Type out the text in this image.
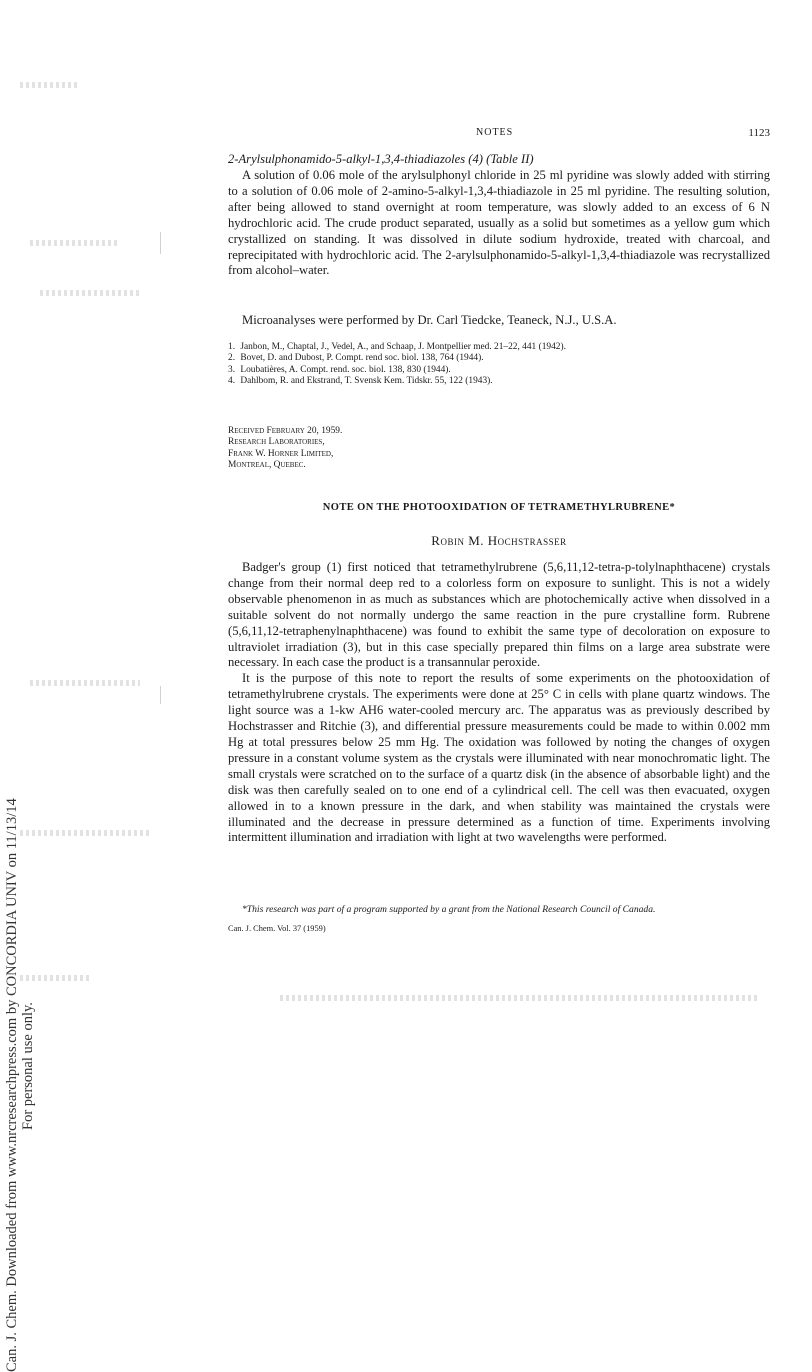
Can. J. Chem. Downloaded from www.nrcresearchpress.com by CONCORDIA UNIV on 11/13/14 For personal use only.
NOTES	1123
2-Arylsulphonamido-5-alkyl-1,3,4-thiadiazoles (4) (Table II)

A solution of 0.06 mole of the arylsulphonyl chloride in 25 ml pyridine was slowly added with stirring to a solution of 0.06 mole of 2-amino-5-alkyl-1,3,4-thiadiazole in 25 ml pyridine. The resulting solution, after being allowed to stand overnight at room temperature, was slowly added to an excess of 6 N hydrochloric acid. The crude product separated, usually as a solid but sometimes as a yellow gum which crystallized on standing. It was dissolved in dilute sodium hydroxide, treated with charcoal, and reprecipitated with hydrochloric acid. The 2-arylsulphonamido-5-alkyl-1,3,4-thiadiazole was recrystallized from alcohol–water.

Microanalyses were performed by Dr. Carl Tiedcke, Teaneck, N.J., U.S.A.

1. Janbon, M., Chaptal, J., Vedel, A., and Schaap, J. Montpellier med. 21–22, 441 (1942).
2. Bovet, D. and Dubost, P. Compt. rend soc. biol. 138, 764 (1944).
3. Loubatières, A. Compt. rend. soc. biol. 138, 830 (1944).
4. Dahlbom, R. and Ekstrand, T. Svensk Kem. Tidskr. 55, 122 (1943).
Received February 20, 1959.
Research Laboratories,
Frank W. Horner Limited,
Montreal, Quebec.
NOTE ON THE PHOTOOXIDATION OF TETRAMETHYLRUBRENE*
Robin M. Hochstrasser

Badger's group (1) first noticed that tetramethylrubrene (5,6,11,12-tetra-p-tolylnaphthacene) crystals change from their normal deep red to a colorless form on exposure to sunlight. This is not a widely observable phenomenon in as much as substances which are photochemically active when dissolved in a suitable solvent do not normally undergo the same reaction in the pure crystalline form. Rubrene (5,6,11,12-tetraphenylnaphthacene) was found to exhibit the same type of decoloration on exposure to ultraviolet irradiation (3), but in this case specially prepared thin films on a large area substrate were necessary. In each case the product is a transannular peroxide.

It is the purpose of this note to report the results of some experiments on the photooxidation of tetramethylrubrene crystals. The experiments were done at 25° C in cells with plane quartz windows. The light source was a 1-kw AH6 water-cooled mercury arc. The apparatus was as previously described by Hochstrasser and Ritchie (3), and differential pressure measurements could be made to within 0.002 mm Hg at total pressures below 25 mm Hg. The oxidation was followed by noting the changes of oxygen pressure in a constant volume system as the crystals were illuminated with near monochromatic light. The small crystals were scratched on to the surface of a quartz disk (in the absence of absorbable light) and the disk was then carefully sealed on to one end of a cylindrical cell. The cell was then evacuated, oxygen allowed in to a known pressure in the dark, and when stability was maintained the crystals were illuminated and the decrease in pressure determined as a function of time. Experiments involving intermittent illumination and irradiation with light at two wavelengths were performed.

*This research was part of a program supported by a grant from the National Research Council of Canada.
Can. J. Chem. Vol. 37 (1959)
